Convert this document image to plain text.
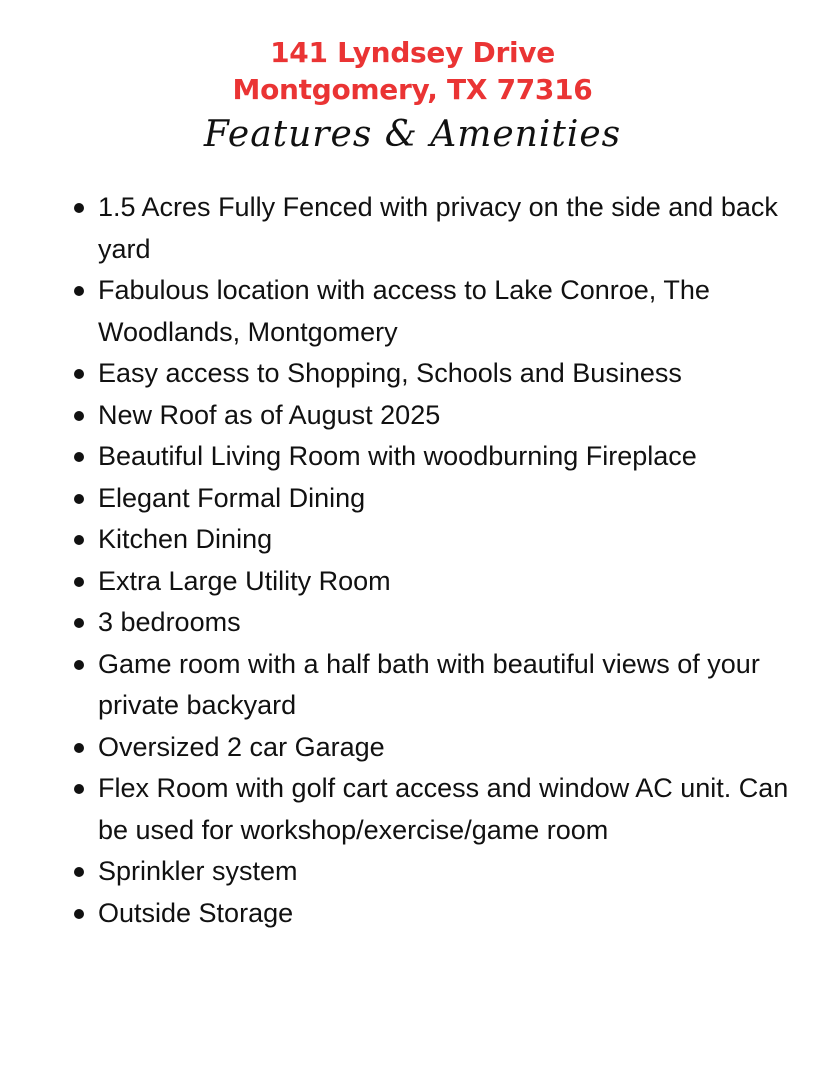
141 Lyndsey Drive
Montgomery, TX 77316
Features & Amenities
1.5 Acres Fully Fenced with privacy on the side and back yard
Fabulous location with access to Lake Conroe, The Woodlands, Montgomery
Easy access to Shopping, Schools and Business
New Roof as of August 2025
Beautiful Living Room with woodburning Fireplace
Elegant Formal Dining
Kitchen Dining
Extra Large Utility Room
3 bedrooms
Game room with a half bath with beautiful views of your private backyard
Oversized 2 car Garage
Flex Room with golf cart access and window AC unit. Can be used for workshop/exercise/game room
Sprinkler system
Outside Storage
